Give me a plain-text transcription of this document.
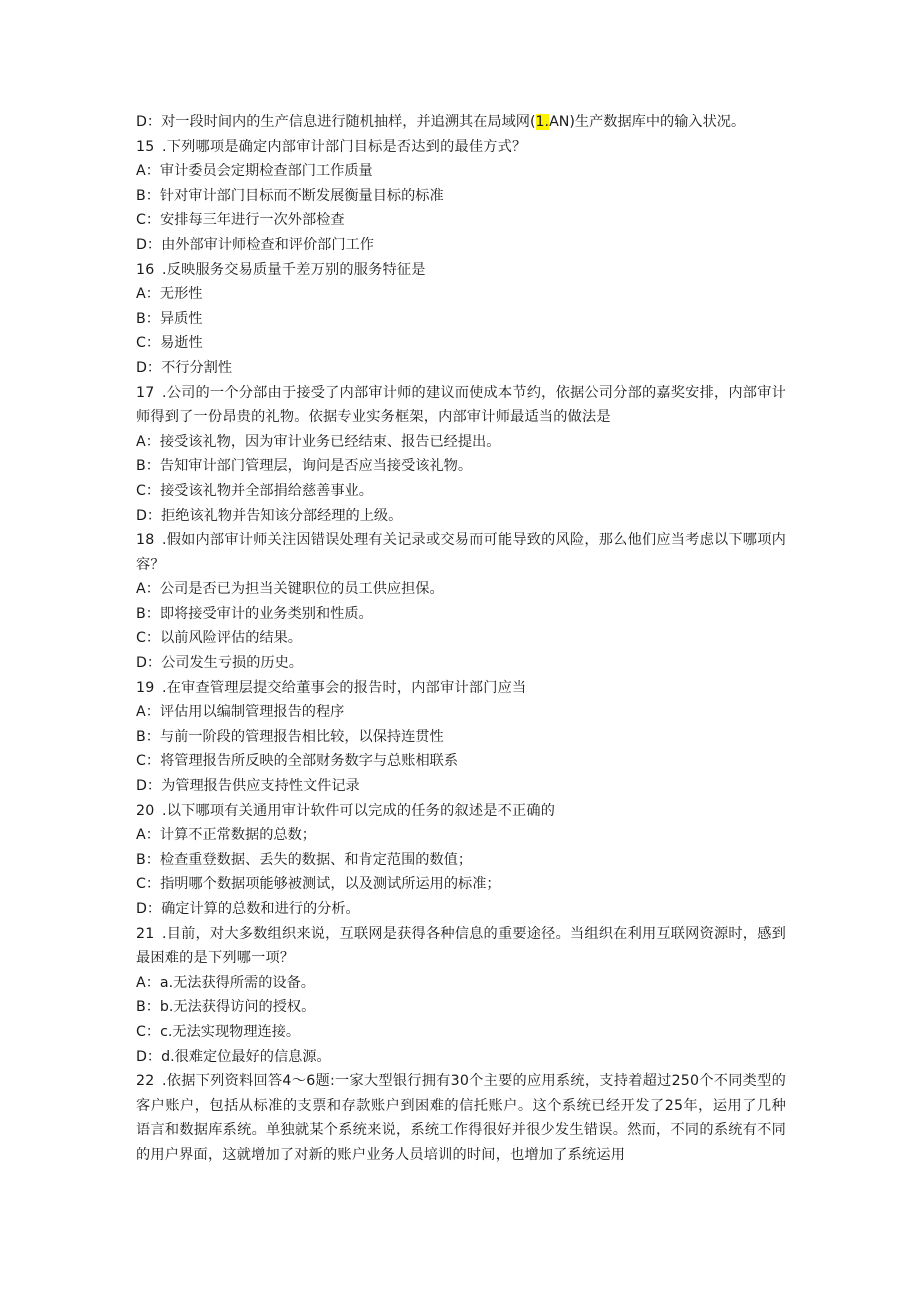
D：对一段时间内的生产信息进行随机抽样，并追溯其在局域网(1.AN)生产数据库中的输入状况。
15 .下列哪项是确定内部审计部门目标是否达到的最佳方式？
A：审计委员会定期检查部门工作质量
B：针对审计部门目标而不断发展衡量目标的标准
C：安排每三年进行一次外部检查
D：由外部审计师检查和评价部门工作
16 .反映服务交易质量千差万别的服务特征是
A：无形性
B：异质性
C：易逝性
D：不行分割性
17 .公司的一个分部由于接受了内部审计师的建议而使成本节约，依据公司分部的嘉奖安排，内部审计师得到了一份昂贵的礼物。依据专业实务框架，内部审计师最适当的做法是
A：接受该礼物，因为审计业务已经结束、报告已经提出。
B：告知审计部门管理层，询问是否应当接受该礼物。
C：接受该礼物并全部捐给慈善事业。
D：拒绝该礼物并告知该分部经理的上级。
18 .假如内部审计师关注因错误处理有关记录或交易而可能导致的风险，那么他们应当考虑以下哪项内容？
A：公司是否已为担当关键职位的员工供应担保。
B：即将接受审计的业务类别和性质。
C：以前风险评估的结果。
D：公司发生亏损的历史。
19 .在审查管理层提交给董事会的报告时，内部审计部门应当
A：评估用以编制管理报告的程序
B：与前一阶段的管理报告相比较，以保持连贯性
C：将管理报告所反映的全部财务数字与总账相联系
D：为管理报告供应支持性文件记录
20 .以下哪项有关通用审计软件可以完成的任务的叙述是不正确的
A：计算不正常数据的总数；
B：检查重登数据、丢失的数据、和肯定范围的数值；
C：指明哪个数据项能够被测试，以及测试所运用的标准；
D：确定计算的总数和进行的分析。
21 .目前，对大多数组织来说，互联网是获得各种信息的重要途径。当组织在利用互联网资源时，感到最困难的是下列哪一项？
A：a.无法获得所需的设备。
B：b.无法获得访问的授权。
C：c.无法实现物理连接。
D：d.很难定位最好的信息源。
22 .依据下列资料回答4～6题:一家大型银行拥有30个主要的应用系统，支持着超过250个不同类型的客户账户，包括从标准的支票和存款账户到困难的信托账户。这个系统已经开发了25年，运用了几种语言和数据库系统。单独就某个系统来说，系统工作得很好并很少发生错误。然而，不同的系统有不同的用户界面，这就增加了对新的账户业务人员培训的时间，也增加了系统运用
